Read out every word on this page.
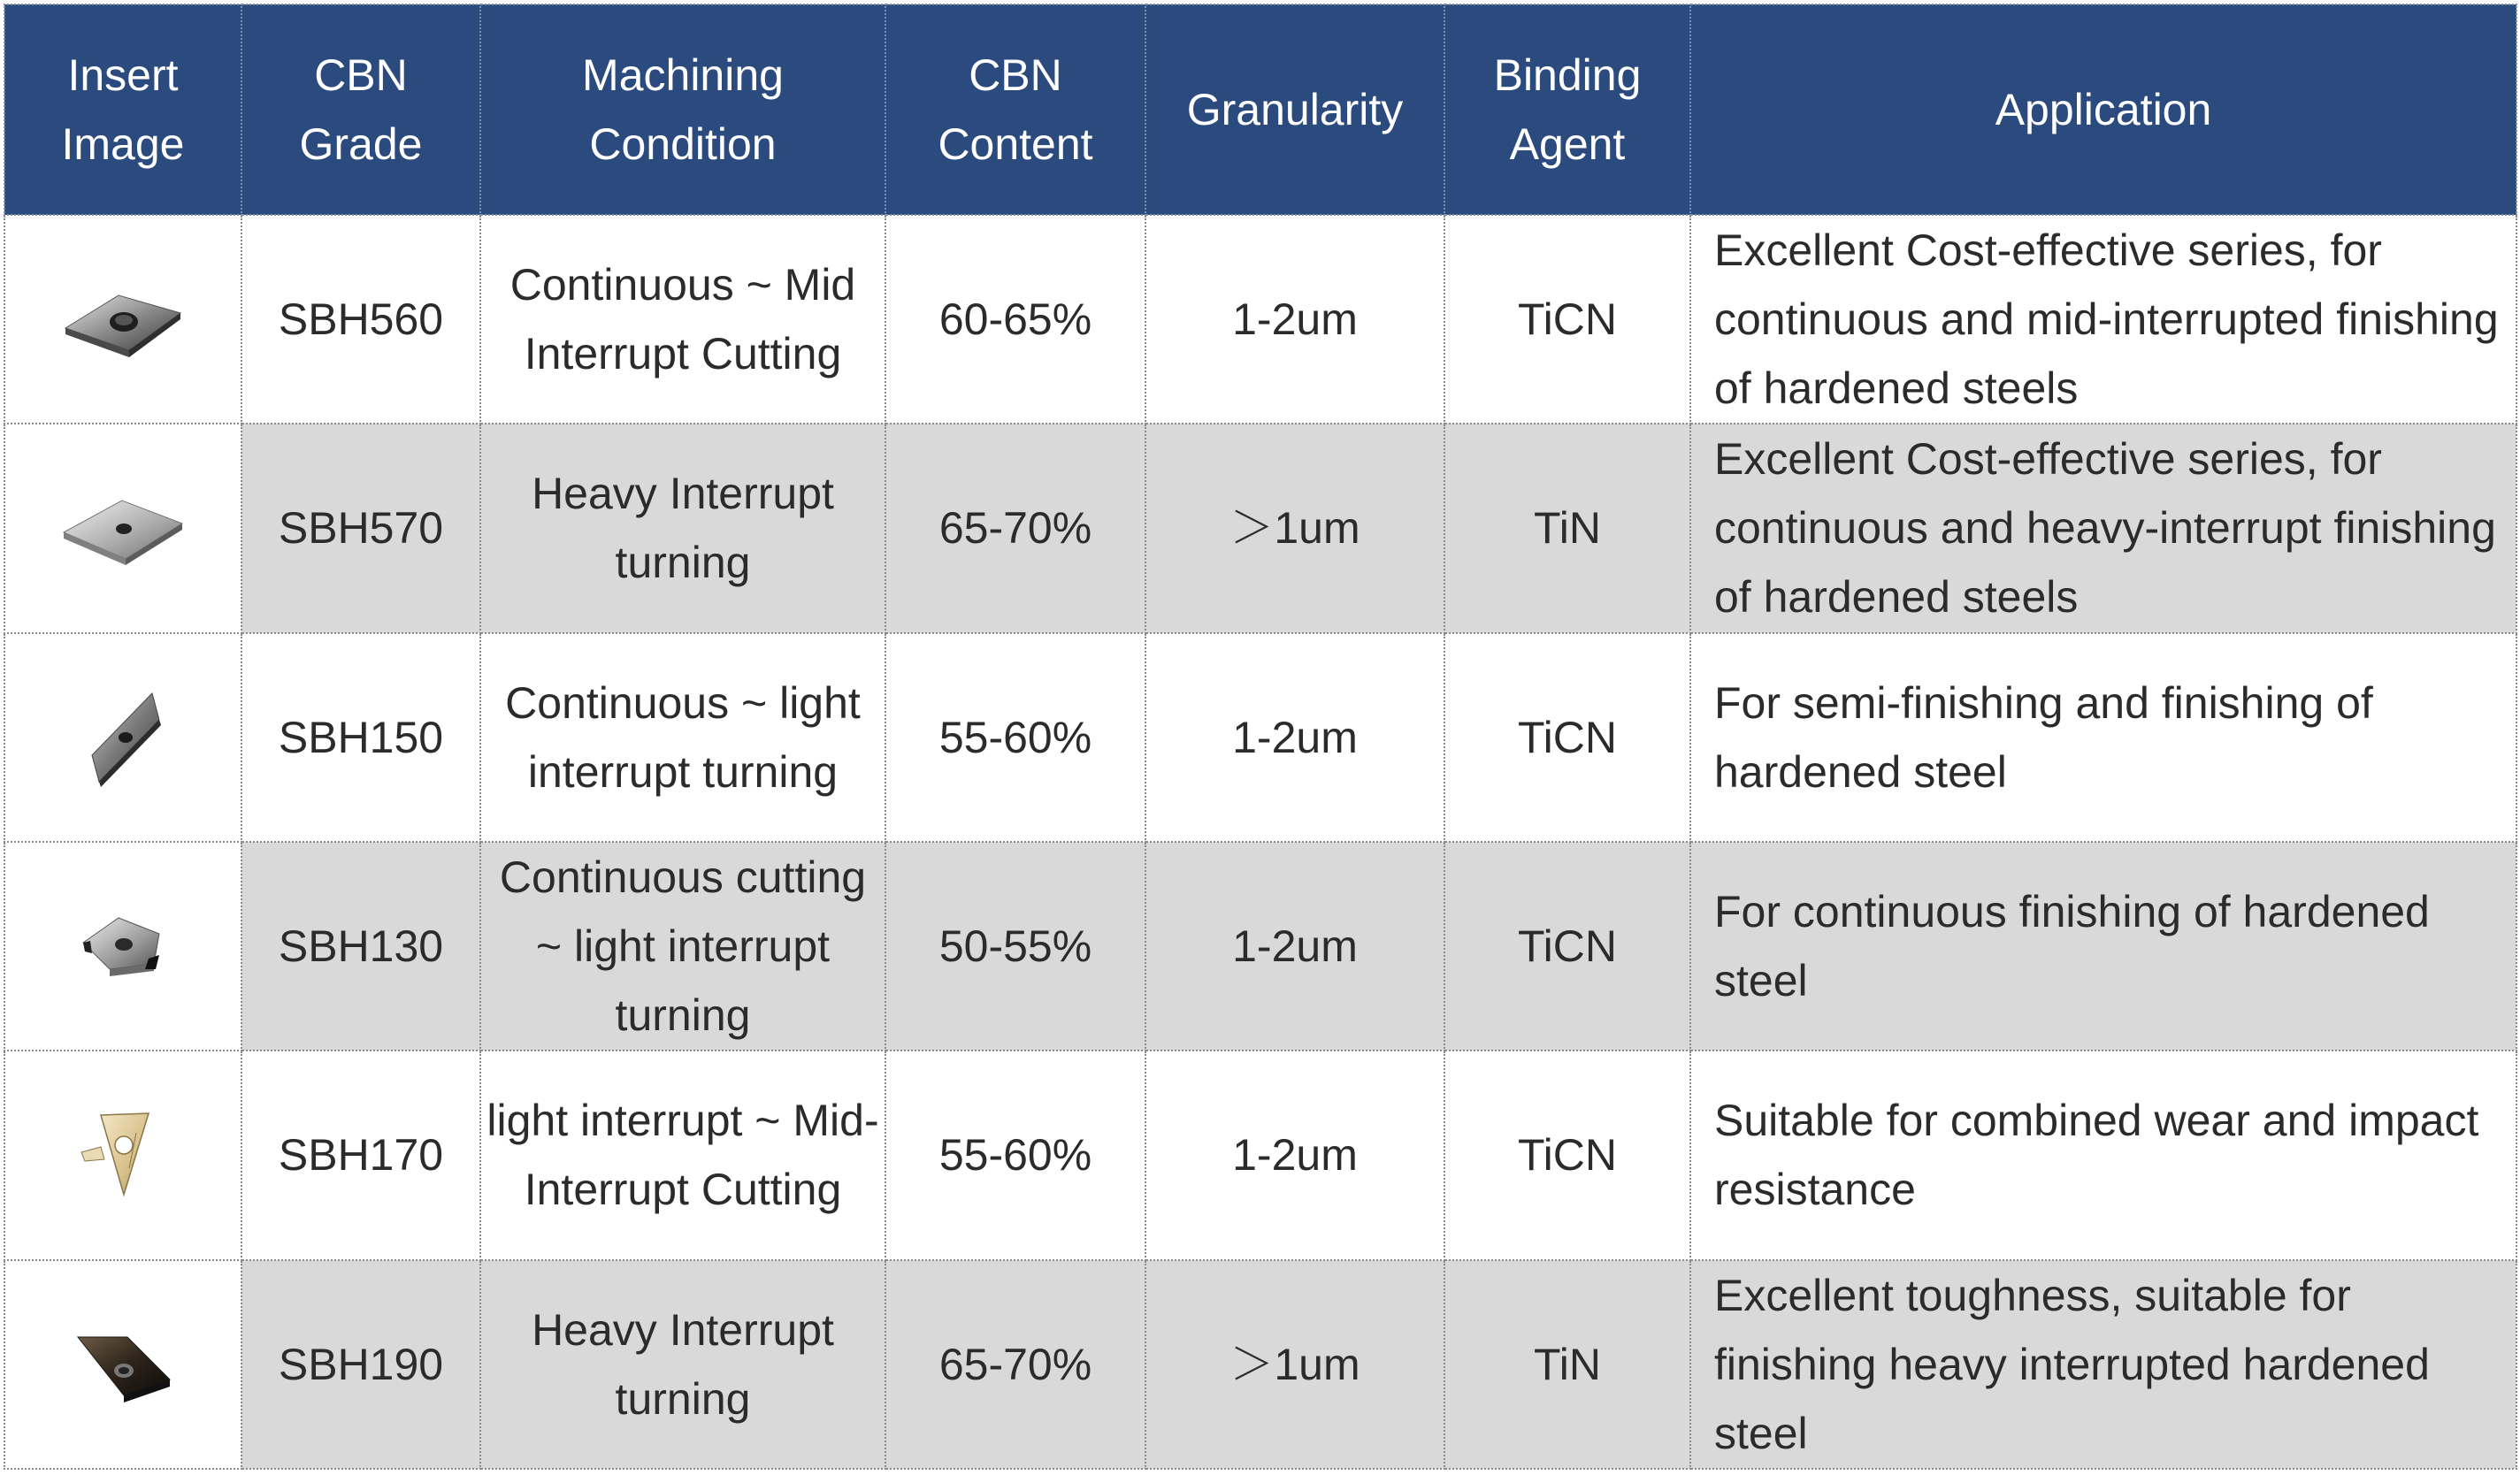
Insert Image	CBN Grade	Machining Condition	CBN Content	Granularity	Binding Agent	Application

	SBH560	Continuous ~ Mid Interrupt Cutting	60-65%	1-2um	TiCN	Excellent Cost-effective series, for continuous and mid-interrupted finishing of hardened steels

	SBH570	Heavy Interrupt turning	65-70%	＞1um	TiN	Excellent Cost-effective series, for continuous and heavy-interrupt finishing of hardened steels

	SBH150	Continuous ~ light interrupt turning	55-60%	1-2um	TiCN	For semi-finishing and finishing of hardened steel

	SBH130	Continuous cutting ~ light interrupt turning	50-55%	1-2um	TiCN	For continuous finishing of hardened steel

	SBH170	light interrupt ~ Mid-Interrupt Cutting	55-60%	1-2um	TiCN	Suitable for combined wear and impact resistance

	SBH190	Heavy Interrupt turning	65-70%	＞1um	TiN	Excellent toughness, suitable for finishing heavy interrupted hardened steel
